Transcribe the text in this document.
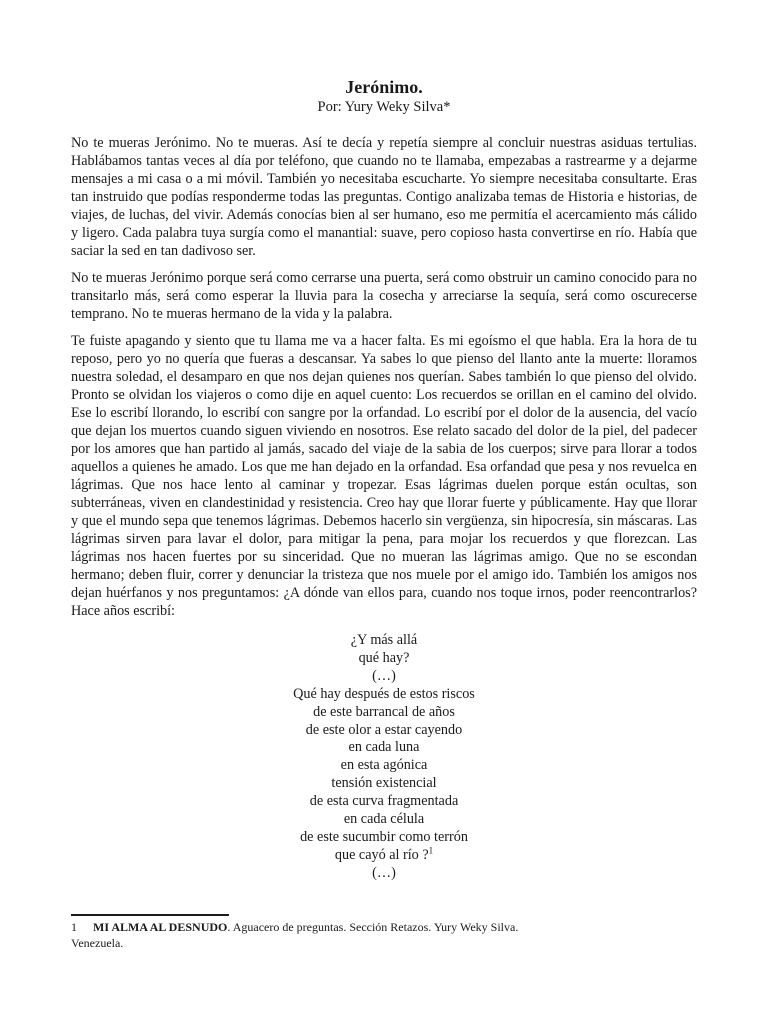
Jerónimo.

Por: Yury Weky Silva*

No te mueras Jerónimo. No te mueras. Así te decía y repetía siempre al concluir nuestras asiduas tertulias. Hablábamos tantas veces al día por teléfono, que cuando no te llamaba, empezabas a rastrearme y a dejarme mensajes a mi casa o a mi móvil. También yo necesitaba escucharte. Yo siempre necesitaba consultarte. Eras tan instruido que podías responderme todas las preguntas. Contigo analizaba temas de Historia e historias, de viajes, de luchas, del vivir. Además conocías bien al ser humano, eso me permitía el acercamiento más cálido y ligero. Cada palabra tuya surgía como el manantial: suave, pero copioso hasta convertirse en río. Había que saciar la sed en tan dadivoso ser.

No te mueras Jerónimo porque será como cerrarse una puerta, será como obstruir un camino conocido para no transitarlo más, será como esperar la lluvia para la cosecha y arreciarse la sequía, será como oscurecerse temprano. No te mueras hermano de la vida y la palabra.

Te fuiste apagando y siento que tu llama me va a hacer falta. Es mi egoísmo el que habla. Era la hora de tu reposo, pero yo no quería que fueras a descansar. Ya sabes lo que pienso del llanto ante la muerte: lloramos nuestra soledad, el desamparo en que nos dejan quienes nos querían. Sabes también lo que pienso del olvido. Pronto se olvidan los viajeros o como dije en aquel cuento: Los recuerdos se orillan en el camino del olvido. Ese lo escribí llorando, lo escribí con sangre por la orfandad. Lo escribí por el dolor de la ausencia, del vacío que dejan los muertos cuando siguen viviendo en nosotros. Ese relato sacado del dolor de la piel, del padecer por los amores que han partido al jamás, sacado del viaje de la sabia de los cuerpos; sirve para llorar a todos aquellos a quienes he amado. Los que me han dejado en la orfandad. Esa orfandad que pesa y nos revuelca en lágrimas. Que nos hace lento al caminar y tropezar. Esas lágrimas duelen porque están ocultas, son subterráneas, viven en clandestinidad y resistencia. Creo hay que llorar fuerte y públicamente. Hay que llorar y que el mundo sepa que tenemos lágrimas. Debemos hacerlo sin vergüenza, sin hipocresía, sin máscaras. Las lágrimas sirven para lavar el dolor, para mitigar la pena, para mojar los recuerdos y que florezcan. Las lágrimas nos hacen fuertes por su sinceridad. Que no mueran las lágrimas amigo. Que no se escondan hermano; deben fluir, correr y denunciar la tristeza que nos muele por el amigo ido. También los amigos nos dejan huérfanos y nos preguntamos: ¿A dónde van ellos para, cuando nos toque irnos, poder reencontrarlos? Hace años escribí:

¿Y más allá
qué hay?
(…)
Qué hay después de estos riscos
de este barrancal de años
de este olor a estar cayendo
en cada luna
en esta agónica
tensión existencial
de esta curva fragmentada
en cada célula
de este sucumbir como terrón
que cayó al río ?$^1$
(…)
1 MI ALMA AL DESNUDO. Aguacero de preguntas. Sección Retazos. Yury Weky Silva.
Venezuela.
